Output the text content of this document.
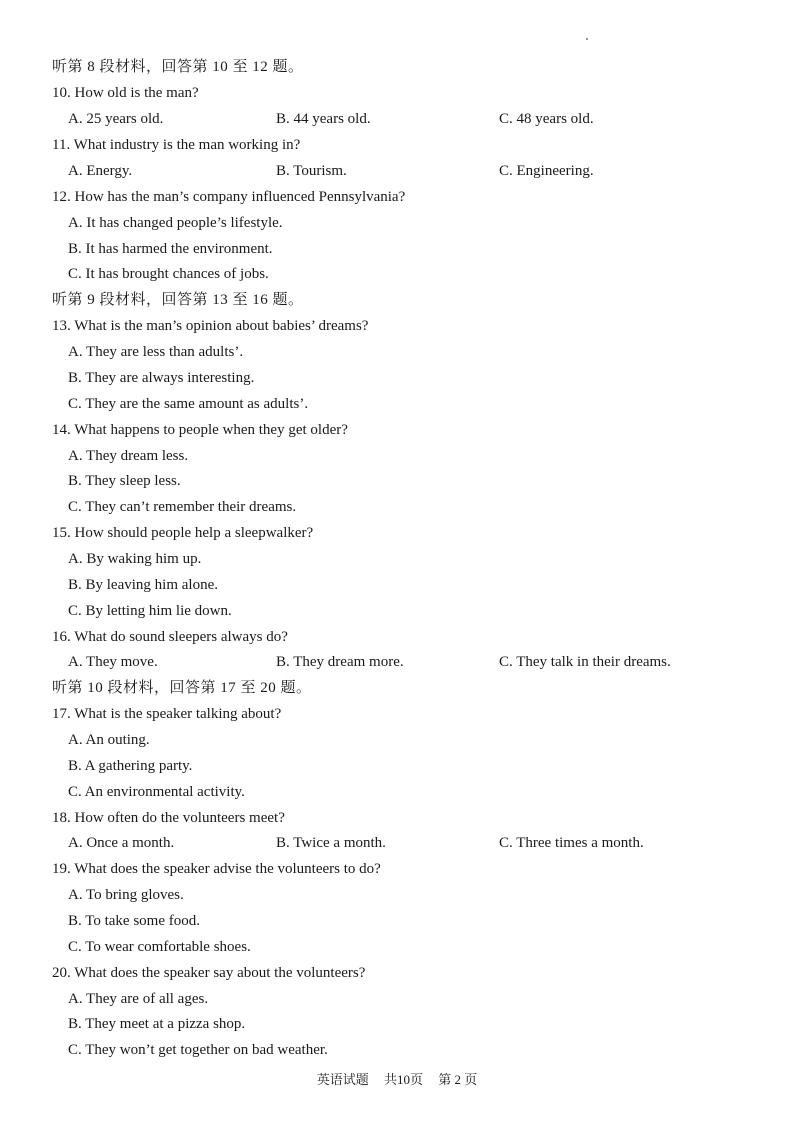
听第 8 段材料，回答第 10 至 12 题。
10. How old is the man?
A. 25 years old.	B. 44 years old.	C. 48 years old.
11. What industry is the man working in?
A. Energy.	B. Tourism.	C. Engineering.
12. How has the man’s company influenced Pennsylvania?
A. It has changed people’s lifestyle.
B. It has harmed the environment.
C. It has brought chances of jobs.
听第 9 段材料，回答第 13 至 16 题。
13. What is the man’s opinion about babies’ dreams?
A. They are less than adults’.
B. They are always interesting.
C. They are the same amount as adults’.
14. What happens to people when they get older?
A. They dream less.
B. They sleep less.
C. They can’t remember their dreams.
15. How should people help a sleepwalker?
A. By waking him up.
B. By leaving him alone.
C. By letting him lie down.
16. What do sound sleepers always do?
A. They move.	B. They dream more.	C. They talk in their dreams.
听第 10 段材料，回答第 17 至 20 题。
17. What is the speaker talking about?
A. An outing.
B. A gathering party.
C. An environmental activity.
18. How often do the volunteers meet?
A. Once a month.	B. Twice a month.	C. Three times a month.
19. What does the speaker advise the volunteers to do?
A. To bring gloves.
B. To take some food.
C. To wear comfortable shoes.
20. What does the speaker say about the volunteers?
A. They are of all ages.
B. They meet at a pizza shop.
C. They won’t get together on bad weather.
英语试题 共10页 第 2 页
